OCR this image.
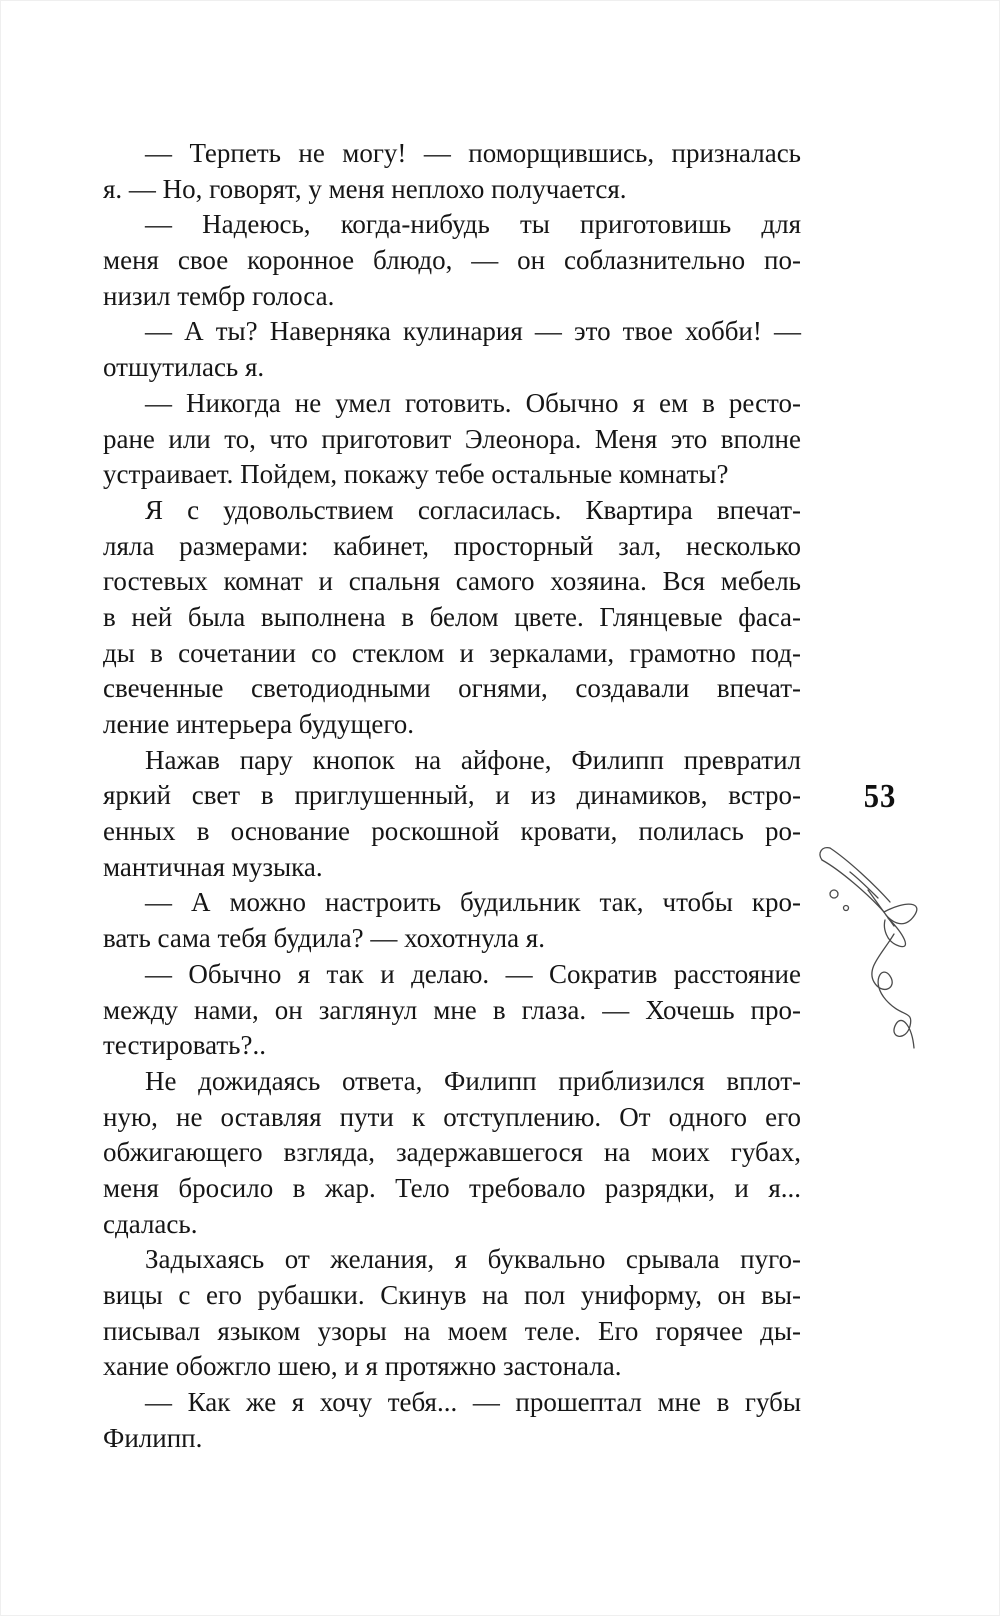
— Терпеть не могу! — поморщившись, призналась
я. — Но, говорят, у меня неплохо получается.
— Надеюсь, когда-нибудь ты приготовишь для
меня свое коронное блюдо, — он соблазнительно по-
низил тембр голоса.
— А ты? Наверняка кулинария — это твое хобби! —
отшутилась я.
— Никогда не умел готовить. Обычно я ем в ресто-
ране или то, что приготовит Элеонора. Меня это вполне
устраивает. Пойдем, покажу тебе остальные комнаты?
Я с удовольствием согласилась. Квартира впечат-
ляла размерами: кабинет, просторный зал, несколько
гостевых комнат и спальня самого хозяина. Вся мебель
в ней была выполнена в белом цвете. Глянцевые фаса-
ды в сочетании со стеклом и зеркалами, грамотно под-
свеченные светодиодными огнями, создавали впечат-
ление интерьера будущего.
Нажав пару кнопок на айфоне, Филипп превратил
яркий свет в приглушенный, и из динамиков, встро-
енных в основание роскошной кровати, полилась ро-
мантичная музыка.
— А можно настроить будильник так, чтобы кро-
вать сама тебя будила? — хохотнула я.
— Обычно я так и делаю. — Сократив расстояние
между нами, он заглянул мне в глаза. — Хочешь про-
тестировать?..
Не дожидаясь ответа, Филипп приблизился вплот-
ную, не оставляя пути к отступлению. От одного его
обжигающего взгляда, задержавшегося на моих губах,
меня бросило в жар. Тело требовало разрядки, и я...
сдалась.
Задыхаясь от желания, я буквально срывала пуго-
вицы с его рубашки. Скинув на пол униформу, он вы-
писывал языком узоры на моем теле. Его горячее ды-
хание обожгло шею, и я протяжно застонала.
— Как же я хочу тебя... — прошептал мне в губы
Филипп.
53
